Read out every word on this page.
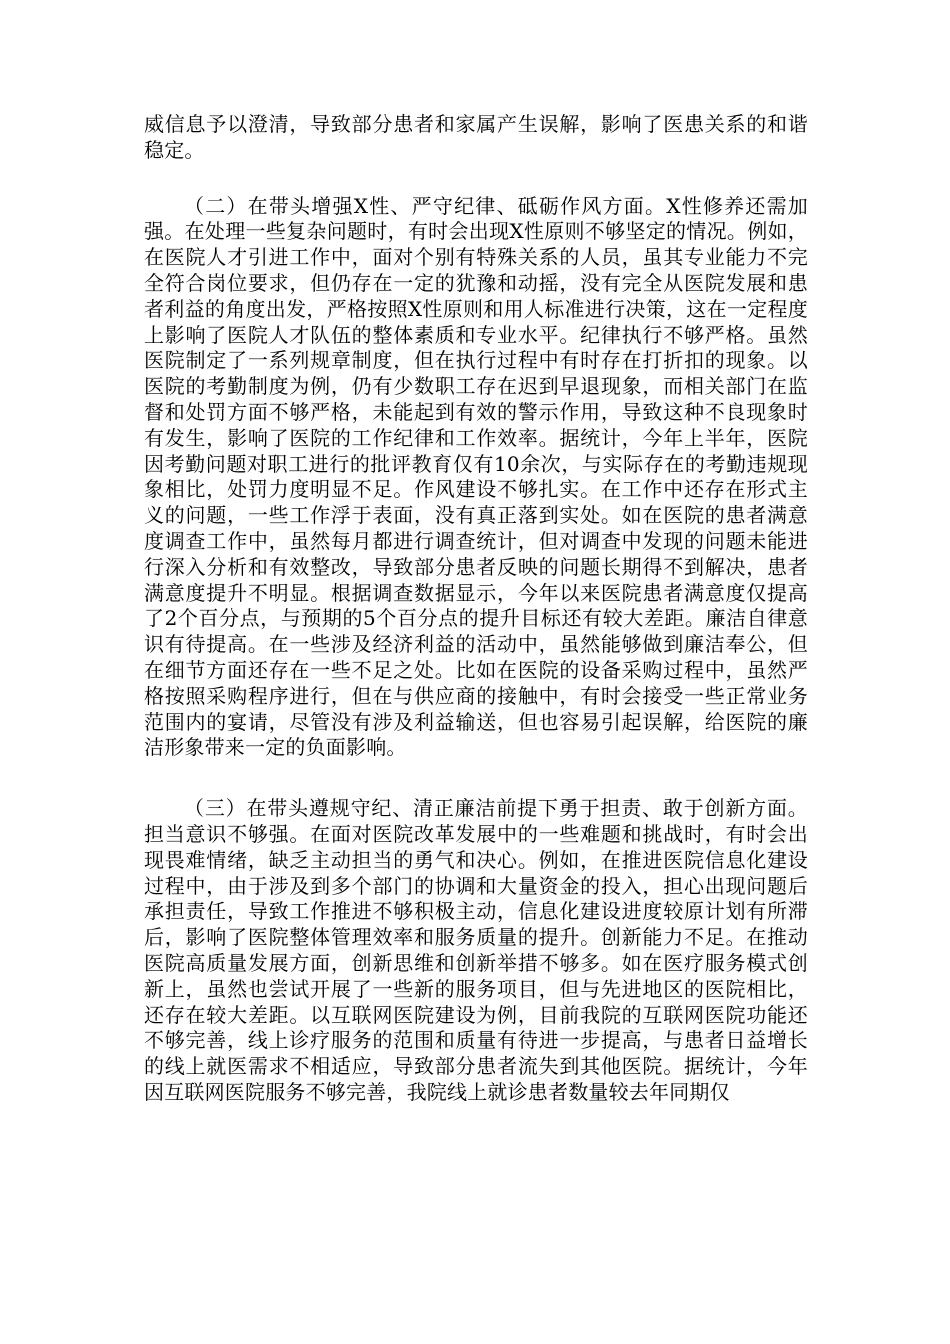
威信息予以澄清，导致部分患者和家属产生误解，影响了医患关系的和谐稳定。

（二）在带头增强X性、严守纪律、砥砺作风方面。X性修养还需加强。在处理一些复杂问题时，有时会出现X性原则不够坚定的情况。例如，在医院人才引进工作中，面对个别有特殊关系的人员，虽其专业能力不完全符合岗位要求，但仍存在一定的犹豫和动摇，没有完全从医院发展和患者利益的角度出发，严格按照X性原则和用人标准进行决策，这在一定程度上影响了医院人才队伍的整体素质和专业水平。纪律执行不够严格。虽然医院制定了一系列规章制度，但在执行过程中有时存在打折扣的现象。以医院的考勤制度为例，仍有少数职工存在迟到早退现象，而相关部门在监督和处罚方面不够严格，未能起到有效的警示作用，导致这种不良现象时有发生，影响了医院的工作纪律和工作效率。据统计，今年上半年，医院因考勤问题对职工进行的批评教育仅有10余次，与实际存在的考勤违规现象相比，处罚力度明显不足。作风建设不够扎实。在工作中还存在形式主义的问题，一些工作浮于表面，没有真正落到实处。如在医院的患者满意度调查工作中，虽然每月都进行调查统计，但对调查中发现的问题未能进行深入分析和有效整改，导致部分患者反映的问题长期得不到解决，患者满意度提升不明显。根据调查数据显示，今年以来医院患者满意度仅提高了2个百分点，与预期的5个百分点的提升目标还有较大差距。廉洁自律意识有待提高。在一些涉及经济利益的活动中，虽然能够做到廉洁奉公，但在细节方面还存在一些不足之处。比如在医院的设备采购过程中，虽然严格按照采购程序进行，但在与供应商的接触中，有时会接受一些正常业务范围内的宴请，尽管没有涉及利益输送，但也容易引起误解，给医院的廉洁形象带来一定的负面影响。

（三）在带头遵规守纪、清正廉洁前提下勇于担责、敢于创新方面。担当意识不够强。在面对医院改革发展中的一些难题和挑战时，有时会出现畏难情绪，缺乏主动担当的勇气和决心。例如，在推进医院信息化建设过程中，由于涉及到多个部门的协调和大量资金的投入，担心出现问题后承担责任，导致工作推进不够积极主动，信息化建设进度较原计划有所滞后，影响了医院整体管理效率和服务质量的提升。创新能力不足。在推动医院高质量发展方面，创新思维和创新举措不够多。如在医疗服务模式创新上，虽然也尝试开展了一些新的服务项目，但与先进地区的医院相比，还存在较大差距。以互联网医院建设为例，目前我院的互联网医院功能还不够完善，线上诊疗服务的范围和质量有待进一步提高，与患者日益增长的线上就医需求不相适应，导致部分患者流失到其他医院。据统计，今年因互联网医院服务不够完善，我院线上就诊患者数量较去年同期仅
